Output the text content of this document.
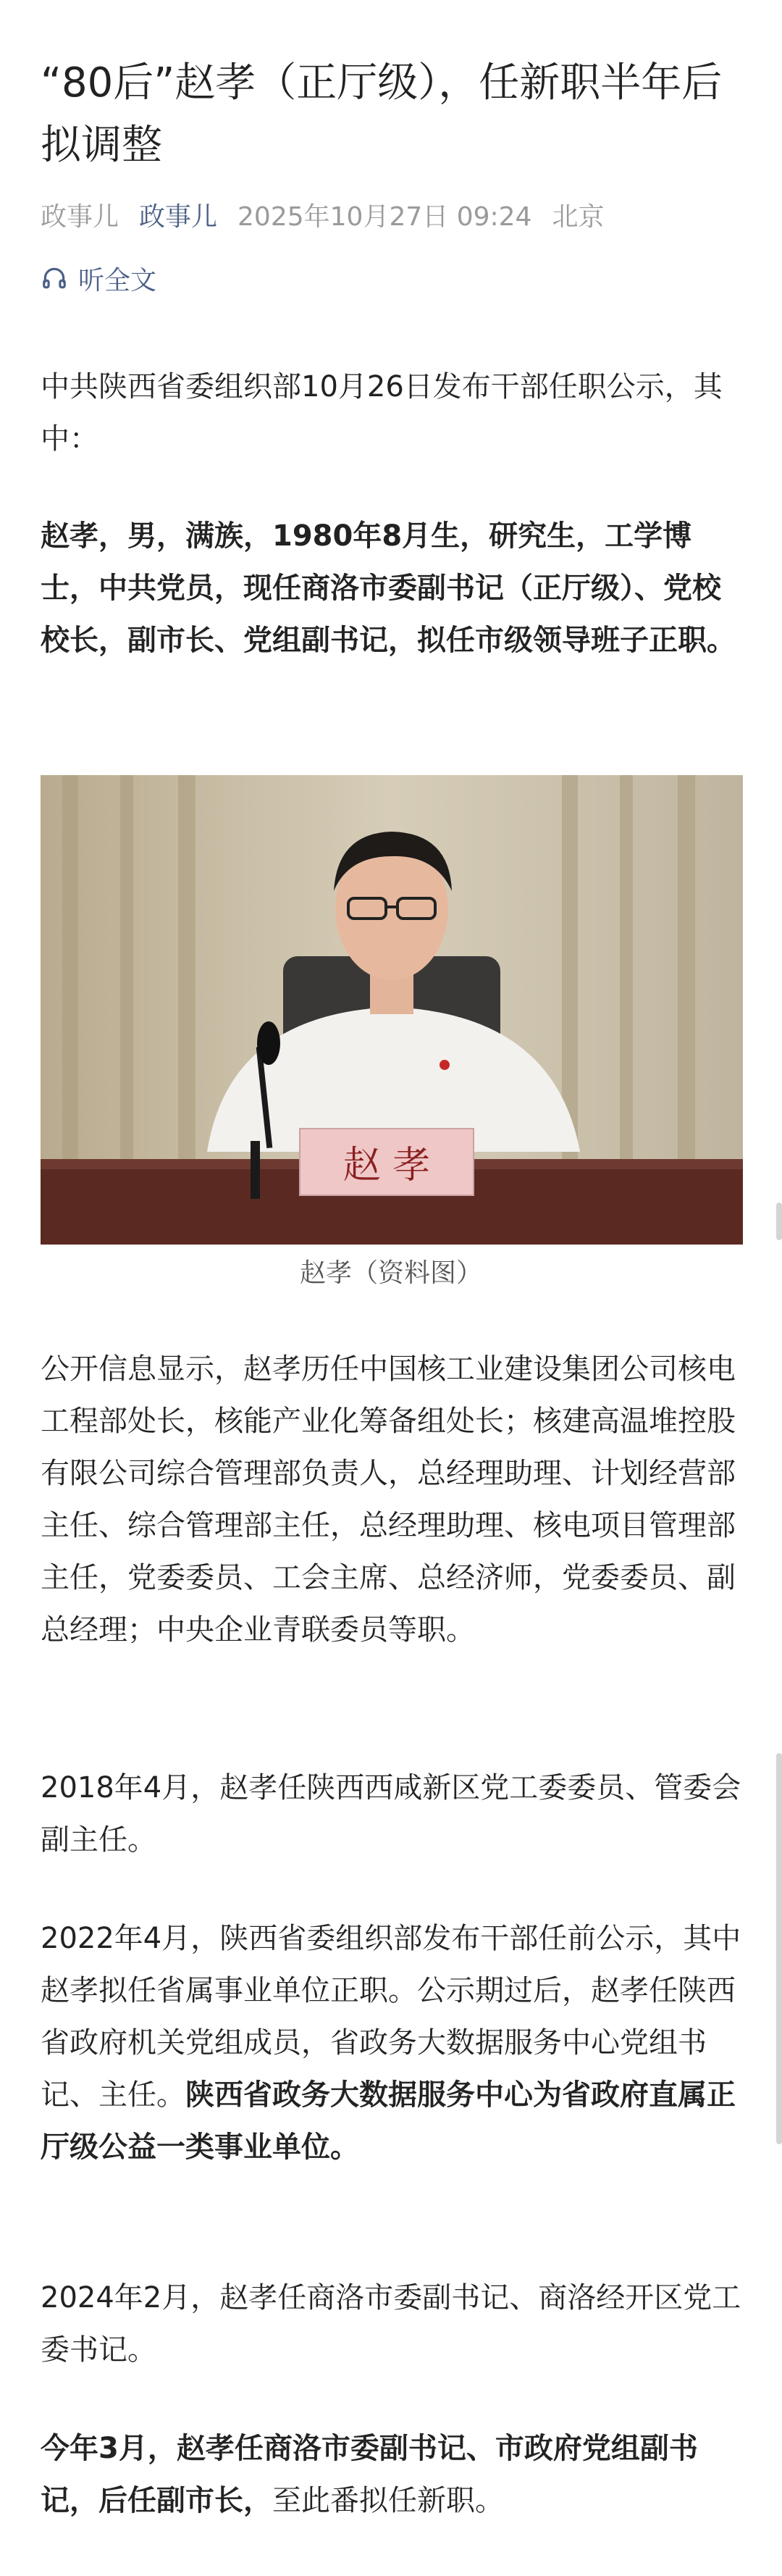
“80后”赵孝（正厅级），任新职半年后拟调整
政事儿 政事儿 2025年10月27日 09:24 北京
听全文

中共陕西省委组织部10月26日发布干部任职公示，其中：

赵孝，男，满族，1980年8月生，研究生，工学博士，中共党员，现任商洛市委副书记（正厅级）、党校校长，副市长、党组副书记，拟任市级领导班子正职。

赵 孝
赵孝（资料图）

公开信息显示，赵孝历任中国核工业建设集团公司核电工程部处长，核能产业化筹备组处长；核建高温堆控股有限公司综合管理部负责人，总经理助理、计划经营部主任、综合管理部主任，总经理助理、核电项目管理部主任，党委委员、工会主席、总经济师，党委委员、副总经理；中央企业青联委员等职。

2018年4月，赵孝任陕西西咸新区党工委委员、管委会副主任。

2022年4月，陕西省委组织部发布干部任前公示，其中赵孝拟任省属事业单位正职。公示期过后，赵孝任陕西省政府机关党组成员，省政务大数据服务中心党组书记、主任。陕西省政务大数据服务中心为省政府直属正厅级公益一类事业单位。

2024年2月，赵孝任商洛市委副书记、商洛经开区党工委书记。

今年3月，赵孝任商洛市委副书记、市政府党组副书记，后任副市长，至此番拟任新职。
